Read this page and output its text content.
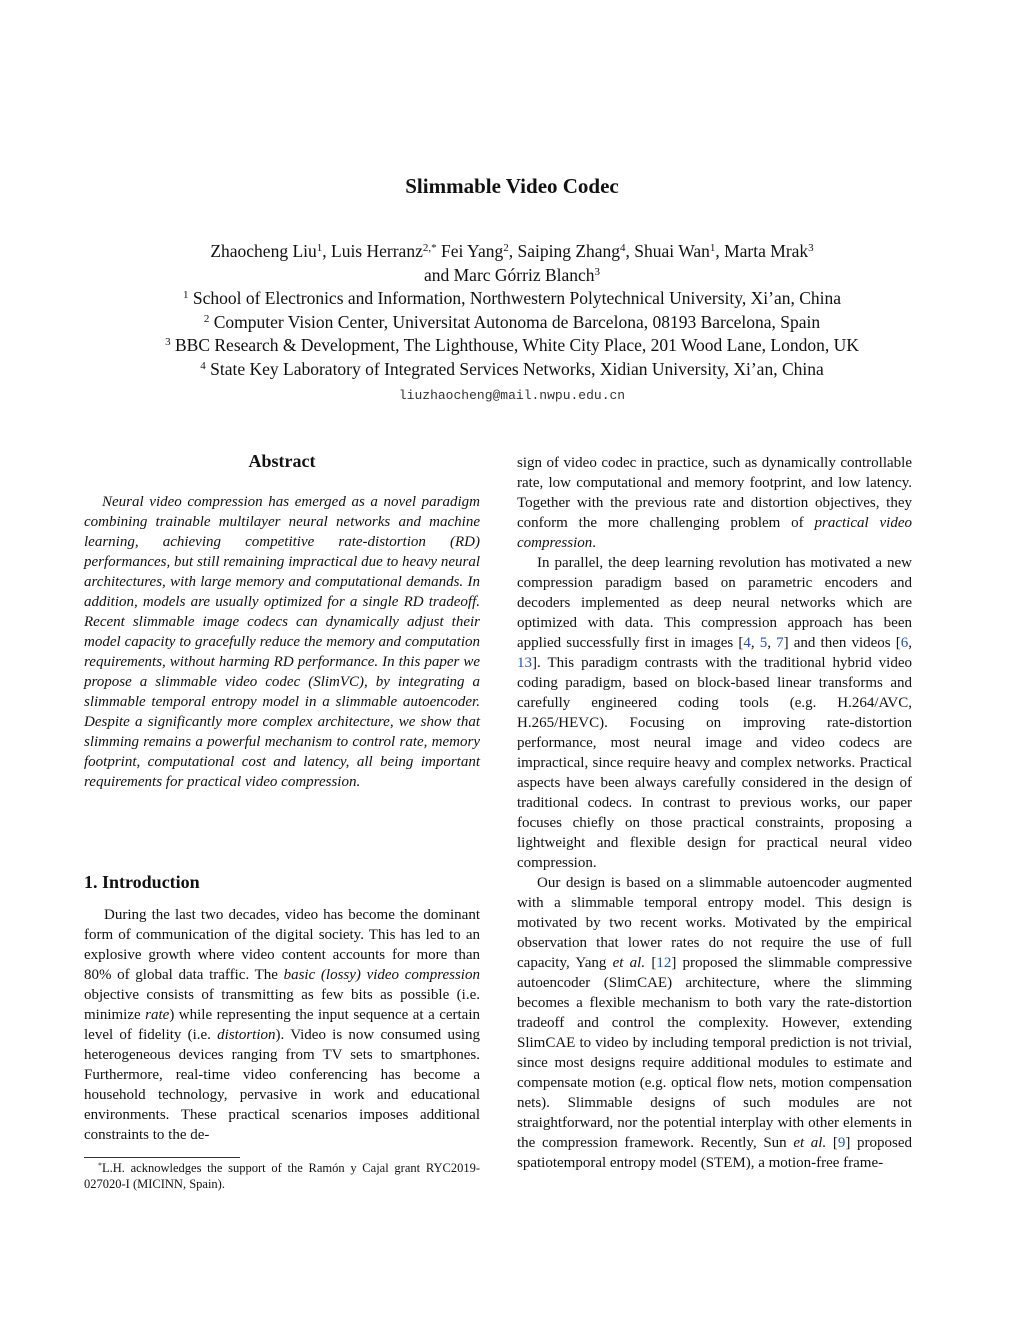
Slimmable Video Codec
Zhaocheng Liu$^1$, Luis Herranz$^{2,*}$ Fei Yang$^2$, Saiping Zhang$^4$, Shuai Wan$^1$, Marta Mrak$^3$
and Marc Górriz Blanch$^3$
$^1$ School of Electronics and Information, Northwestern Polytechnical University, Xi’an, China
$^2$ Computer Vision Center, Universitat Autonoma de Barcelona, 08193 Barcelona, Spain
$^3$ BBC Research & Development, The Lighthouse, White City Place, 201 Wood Lane, London, UK
$^4$ State Key Laboratory of Integrated Services Networks, Xidian University, Xi’an, China
liuzhaocheng@mail.nwpu.edu.cn
Abstract
Neural video compression has emerged as a novel paradigm combining trainable multilayer neural networks and machine learning, achieving competitive rate-distortion (RD) performances, but still remaining impractical due to heavy neural architectures, with large memory and computational demands. In addition, models are usually optimized for a single RD tradeoff. Recent slimmable image codecs can dynamically adjust their model capacity to gracefully reduce the memory and computation requirements, without harming RD performance. In this paper we propose a slimmable video codec (SlimVC), by integrating a slimmable temporal entropy model in a slimmable autoencoder. Despite a significantly more complex architecture, we show that slimming remains a powerful mechanism to control rate, memory footprint, computational cost and latency, all being important requirements for practical video compression.
1. Introduction

During the last two decades, video has become the dominant form of communication of the digital society. This has led to an explosive growth where video content accounts for more than 80% of global data traffic. The basic (lossy) video compression objective consists of transmitting as few bits as possible (i.e. minimize rate) while representing the input sequence at a certain level of fidelity (i.e. distortion). Video is now consumed using heterogeneous devices ranging from TV sets to smartphones. Furthermore, real-time video conferencing has become a household technology, pervasive in work and educational environments. These practical scenarios imposes additional constraints to the de-

*L.H. acknowledges the support of the Ramón y Cajal grant RYC2019-027020-I (MICINN, Spain).

sign of video codec in practice, such as dynamically controllable rate, low computational and memory footprint, and low latency. Together with the previous rate and distortion objectives, they conform the more challenging problem of practical video compression.

In parallel, the deep learning revolution has motivated a new compression paradigm based on parametric encoders and decoders implemented as deep neural networks which are optimized with data. This compression approach has been applied successfully first in images [4, 5, 7] and then videos [6, 13]. This paradigm contrasts with the traditional hybrid video coding paradigm, based on block-based linear transforms and carefully engineered coding tools (e.g. H.264/AVC, H.265/HEVC). Focusing on improving rate-distortion performance, most neural image and video codecs are impractical, since require heavy and complex networks. Practical aspects have been always carefully considered in the design of traditional codecs. In contrast to previous works, our paper focuses chiefly on those practical constraints, proposing a lightweight and flexible design for practical neural video compression.

Our design is based on a slimmable autoencoder augmented with a slimmable temporal entropy model. This design is motivated by two recent works. Motivated by the empirical observation that lower rates do not require the use of full capacity, Yang et al. [12] proposed the slimmable compressive autoencoder (SlimCAE) architecture, where the slimming becomes a flexible mechanism to both vary the rate-distortion tradeoff and control the complexity. However, extending SlimCAE to video by including temporal prediction is not trivial, since most designs require additional modules to estimate and compensate motion (e.g. optical flow nets, motion compensation nets). Slimmable designs of such modules are not straightforward, nor the potential interplay with other elements in the compression framework. Recently, Sun et al. [9] proposed spatiotemporal entropy model (STEM), a motion-free frame-
